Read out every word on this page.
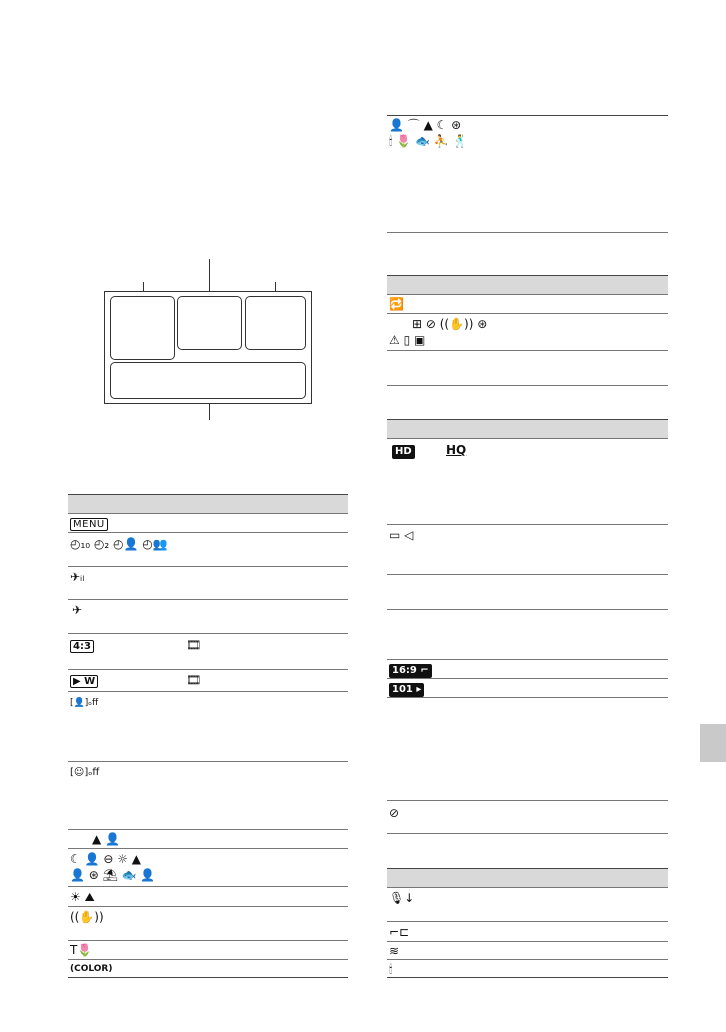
MENU
◴₁₀ ◴₂ ◴👤 ◴👥
✈ᵢₗ
✈
4:3	🎞
▶ W	🎞
[👤]ₒff
[☺]ₒff
▲ 👤
☾ 👤 ⊖ ☼ ▲
👤 ⊛ ⛱ 🐟 👤
☀ ⛰
((✋))
T🌷
(COLOR)
👤 ⌒ ▲ ☾ ⊛
🕯 🌷 🐟 ⛹ 🕺
🔁
⊞ ⊘ ((✋)) ⊛
⚠ ▯ ▣
HD	HQ
▭ ◁
16:9 ⌐
101 ▸
⊘
🎙↓
⌐⊏
≋
🕯
